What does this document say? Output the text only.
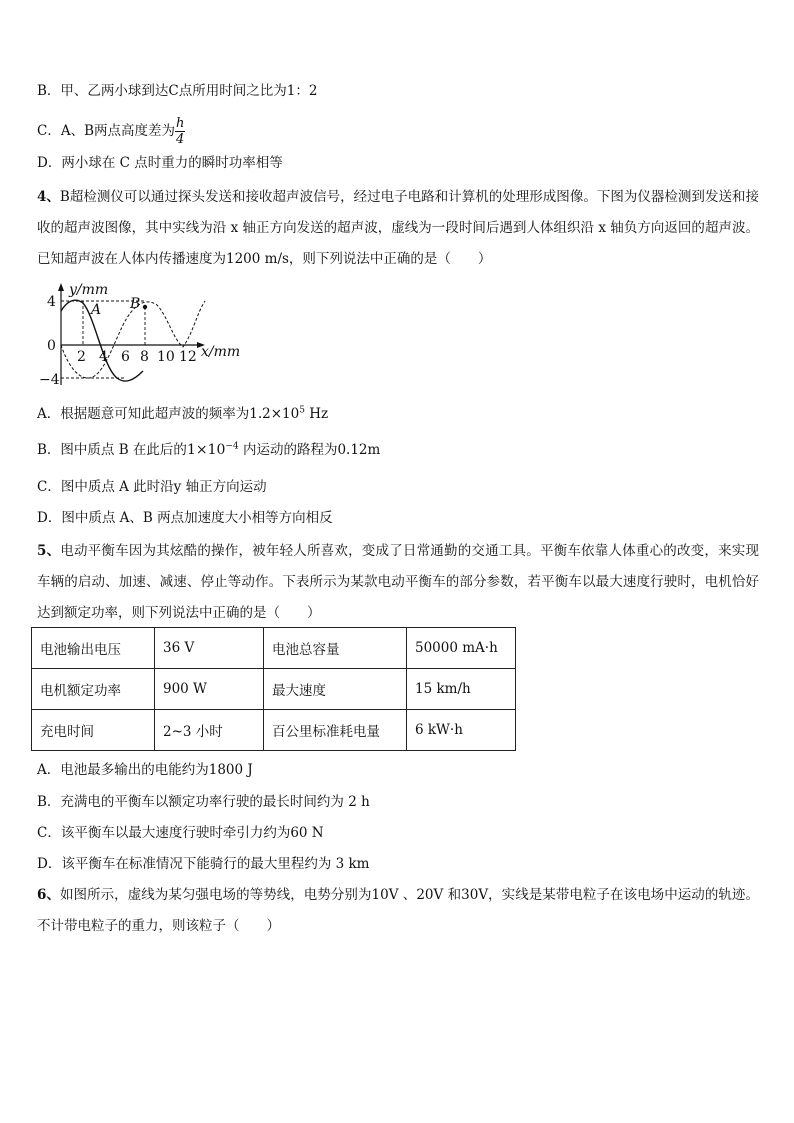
B．甲、乙两小球到达C点所用时间之比为1：2
C．A、B两点高度差为 $\frac{h}{4}$
D．两小球在 C 点时重力的瞬时功率相等
4、B超检测仪可以通过探头发送和接收超声波信号，经过电子电路和计算机的处理形成图像。下图为仪器检测到发送和接收的超声波图像，其中实线为沿 x 轴正方向发送的超声波，虚线为一段时间后遇到人体组织沿 x 轴负方向返回的超声波。已知超声波在人体内传播速度为1200 m/s，则下列说法中正确的是（　　）
y/mm
4
0
−4
A B
2 4 6 8 10 12 x/mm
A．根据题意可知此超声波的频率为$1.2\times 10^5$ Hz
B．图中质点 B 在此后的$1\times 10^{-4}$ 内运动的路程为0.12m
C．图中质点 A 此时沿y 轴正方向运动
D．图中质点 A、B 两点加速度大小相等方向相反
5、电动平衡车因为其炫酷的操作，被年轻人所喜欢，变成了日常通勤的交通工具。平衡车依靠人体重心的改变，来实现车辆的启动、加速、减速、停止等动作。下表所示为某款电动平衡车的部分参数，若平衡车以最大速度行驶时，电机恰好达到额定功率，则下列说法中正确的是（　　）
电池输出电压	36 V	电池总容量	50000 mA·h
电机额定功率	900 W	最大速度	15 km/h
充电时间	2~3 小时	百公里标准耗电量	6 kW·h
A．电池最多输出的电能约为1800 J
B．充满电的平衡车以额定功率行驶的最长时间约为 2 h
C．该平衡车以最大速度行驶时牵引力约为60 N
D．该平衡车在标准情况下能骑行的最大里程约为 3 km
6、如图所示，虚线为某匀强电场的等势线，电势分别为10V 、20V 和30V，实线是某带电粒子在该电场中运动的轨迹。不计带电粒子的重力，则该粒子（　　）
